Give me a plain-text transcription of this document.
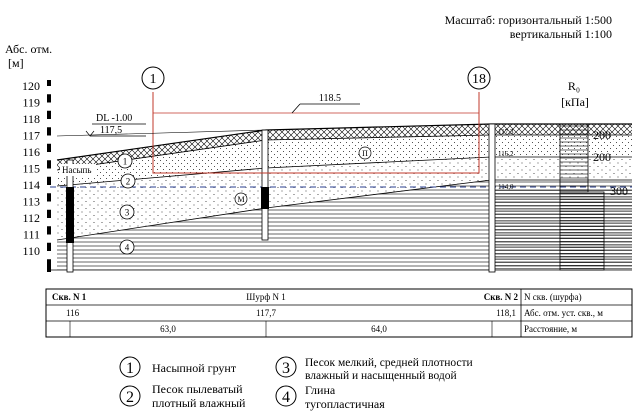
Масштаб: горизонтальный 1:500
вертикальный 1:100
Абс. отм.
[м]
120
119
118
117
116
115
114
113
112
111
110
1	18
118.5
DL -1.00
117,5
Насыпь
1
2
3
4
П
М
117,3
116,2
114,0
R₀
[кПа]
200
200
300
Скв. N 1	Шурф N 1	Скв. N 2 N скв. (шурфа)
116	117,7	118,1 Абс. отм. уст. скв., м
63,0	64,0	Расстояние, м
1 Насыпной грунт
2 Песок пылеватый
плотный влажный
3 Песок мелкий, средней плотности
влажный и насыщенный водой
4 Глина
тугопластичная
